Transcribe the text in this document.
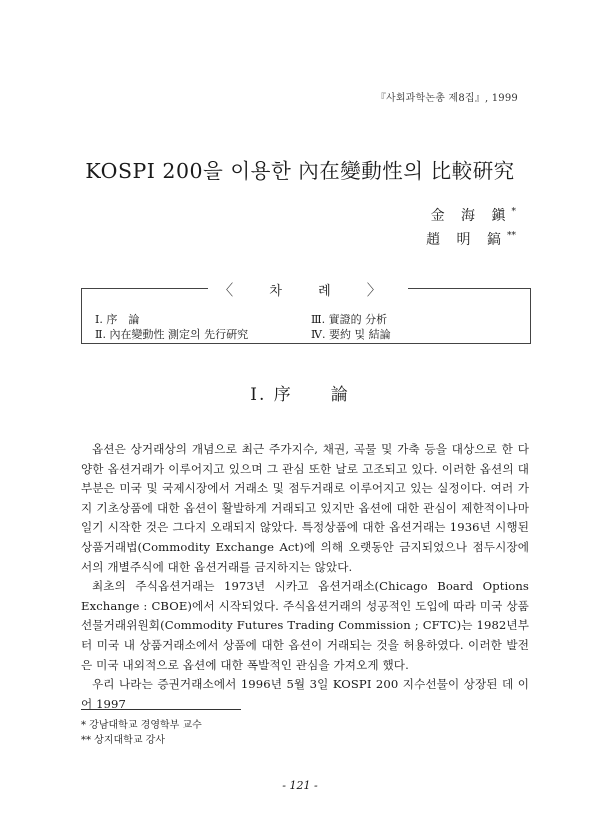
『사회과학논총 제8집』, 1999
KOSPI 200을 이용한 內在變動性의 比較硏究
金 海 鎭*
趙 明 鎬**
〈 차 례 〉
Ⅰ. 序　論
Ⅱ. 內在變動性 測定의 先行硏究
Ⅲ. 實證的 分析
Ⅳ. 要約 및 結論
Ⅰ. 序 論

옵션은 상거래상의 개념으로 최근 주가지수, 채권, 곡물 및 가축 등을 대상으로 한 다양한 옵션거래가 이루어지고 있으며 그 관심 또한 날로 고조되고 있다. 이러한 옵션의 대부분은 미국 및 국제시장에서 거래소 및 점두거래로 이루어지고 있는 실정이다. 여러 가지 기초상품에 대한 옵션이 활발하게 거래되고 있지만 옵션에 대한 관심이 제한적이나마 일기 시작한 것은 그다지 오래되지 않았다. 특정상품에 대한 옵션거래는 1936년 시행된 상품거래법(Commodity Exchange Act)에 의해 오랫동안 금지되었으나 점두시장에서의 개별주식에 대한 옵션거래를 금지하지는 않았다.

최초의 주식옵션거래는 1973년 시카고 옵션거래소(Chicago Board Options Exchange : CBOE)에서 시작되었다. 주식옵션거래의 성공적인 도입에 따라 미국 상품선물거래위원회(Commodity Futures Trading Commission ; CFTC)는 1982년부터 미국 내 상품거래소에서 상품에 대한 옵션이 거래되는 것을 허용하였다. 이러한 발전은 미국 내외적으로 옵션에 대한 폭발적인 관심을 가져오게 했다.

우리 나라는 증권거래소에서 1996년 5월 3일 KOSPI 200 지수선물이 상장된 데 이어 1997

* 강남대학교 경영학부 교수
** 상지대학교 강사
- 121 -
